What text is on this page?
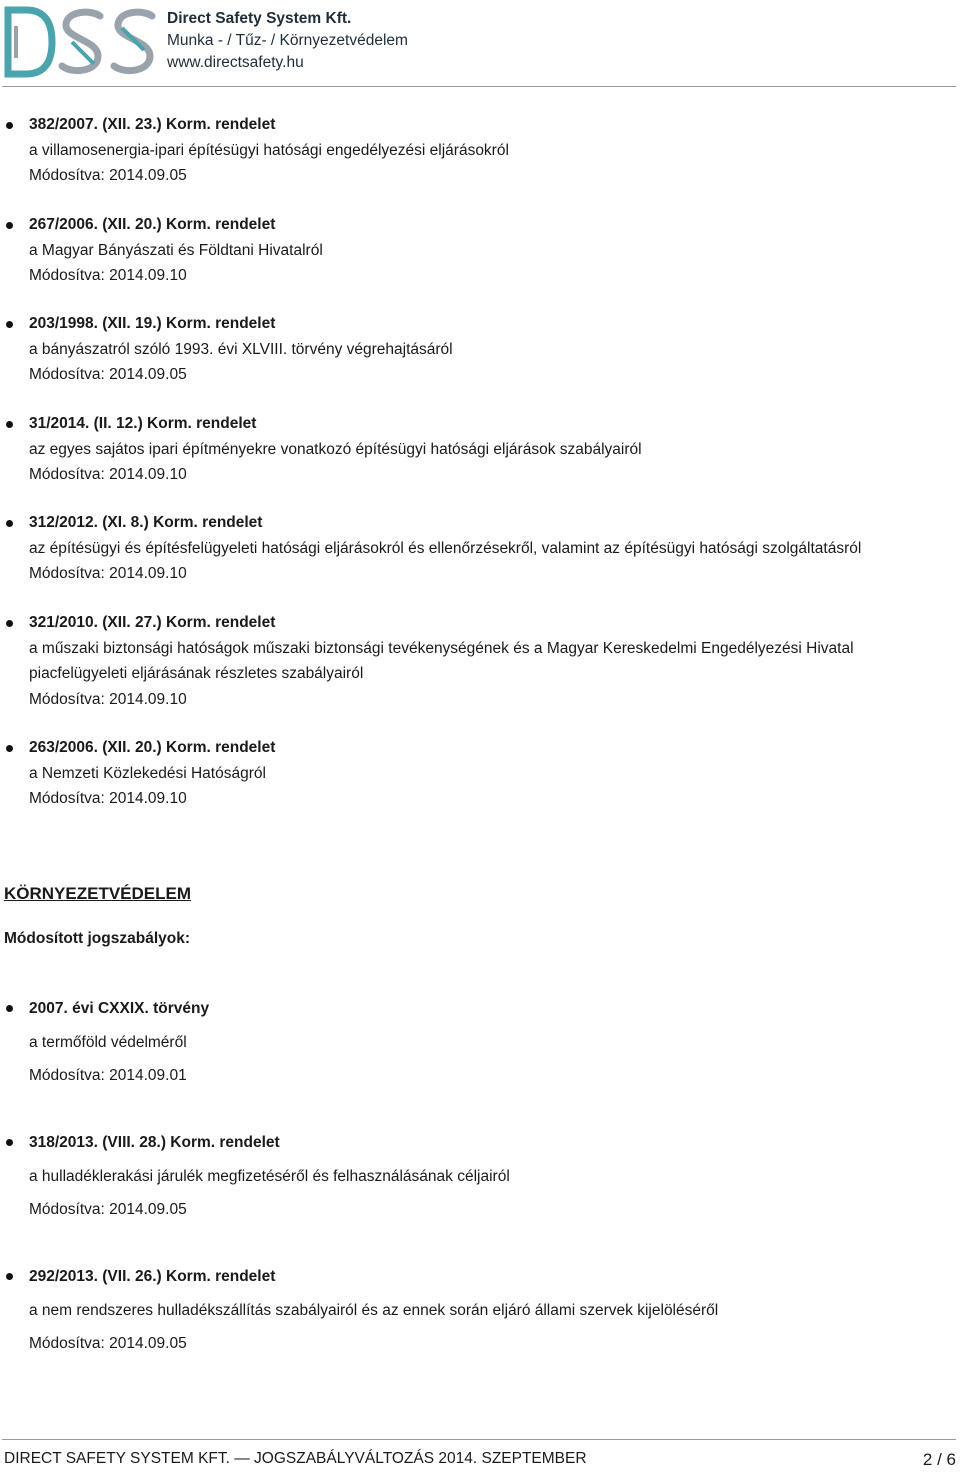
Direct Safety System Kft.
Munka - / Tűz- / Környezetvédelem
www.directsafety.hu
382/2007. (XII. 23.) Korm. rendelet
a villamosenergia-ipari építésügyi hatósági engedélyezési eljárásokról
Módosítva: 2014.09.05
267/2006. (XII. 20.) Korm. rendelet
a Magyar Bányászati és Földtani Hivatalról
Módosítva: 2014.09.10
203/1998. (XII. 19.) Korm. rendelet
a bányászatról szóló 1993. évi XLVIII. törvény végrehajtásáról
Módosítva: 2014.09.05
31/2014. (II. 12.) Korm. rendelet
az egyes sajátos ipari építményekre vonatkozó építésügyi hatósági eljárások szabályairól
Módosítva: 2014.09.10
312/2012. (XI. 8.) Korm. rendelet
az építésügyi és építésfelügyeleti hatósági eljárásokról és ellenőrzésekről, valamint az építésügyi hatósági szolgáltatásról
Módosítva: 2014.09.10
321/2010. (XII. 27.) Korm. rendelet
a műszaki biztonsági hatóságok műszaki biztonsági tevékenységének és a Magyar Kereskedelmi Engedélyezési Hivatal
piacfelügyeleti eljárásának részletes szabályairól
Módosítva: 2014.09.10
263/2006. (XII. 20.) Korm. rendelet
a Nemzeti Közlekedési Hatóságról
Módosítva: 2014.09.10
KÖRNYEZETVÉDELEM
Módosított jogszabályok:
2007. évi CXXIX. törvény
a termőföld védelméről
Módosítva: 2014.09.01
318/2013. (VIII. 28.) Korm. rendelet
a hulladéklerakási járulék megfizetéséről és felhasználásának céljairól
Módosítva: 2014.09.05
292/2013. (VII. 26.) Korm. rendelet
a nem rendszeres hulladékszállítás szabályairól és az ennek során eljáró állami szervek kijelöléséről
Módosítva: 2014.09.05
DIRECT SAFETY SYSTEM KFT. — JOGSZABÁLYVÁLTOZÁS 2014. SZEPTEMBER	2 / 6
